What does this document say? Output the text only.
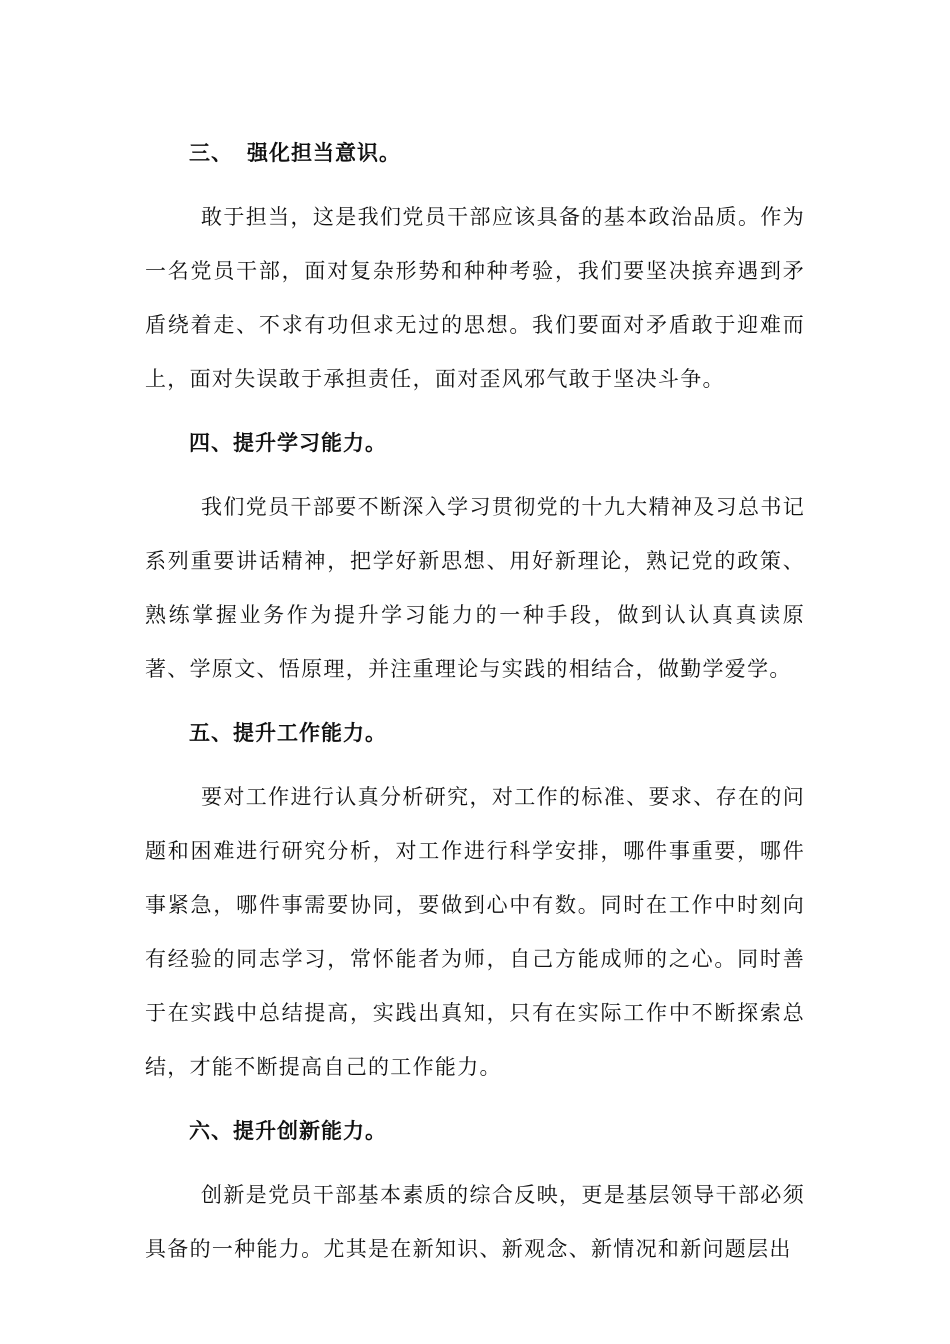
三、 强化担当意识。

敢于担当，这是我们党员干部应该具备的基本政治品质。作为一名党员干部，面对复杂形势和种种考验，我们要坚决摈弃遇到矛盾绕着走、不求有功但求无过的思想。我们要面对矛盾敢于迎难而上，面对失误敢于承担责任，面对歪风邪气敢于坚决斗争。

四、提升学习能力。

我们党员干部要不断深入学习贯彻党的十九大精神及习总书记系列重要讲话精神，把学好新思想、用好新理论，熟记党的政策、熟练掌握业务作为提升学习能力的一种手段，做到认认真真读原著、学原文、悟原理，并注重理论与实践的相结合，做勤学爱学。

五、提升工作能力。

要对工作进行认真分析研究，对工作的标准、要求、存在的问题和困难进行研究分析，对工作进行科学安排，哪件事重要，哪件事紧急，哪件事需要协同，要做到心中有数。同时在工作中时刻向有经验的同志学习，常怀能者为师，自己方能成师的之心。同时善于在实践中总结提高，实践出真知，只有在实际工作中不断探索总结，才能不断提高自己的工作能力。

六、提升创新能力。

创新是党员干部基本素质的综合反映，更是基层领导干部必须具备的一种能力。尤其是在新知识、新观念、新情况和新问题层出
